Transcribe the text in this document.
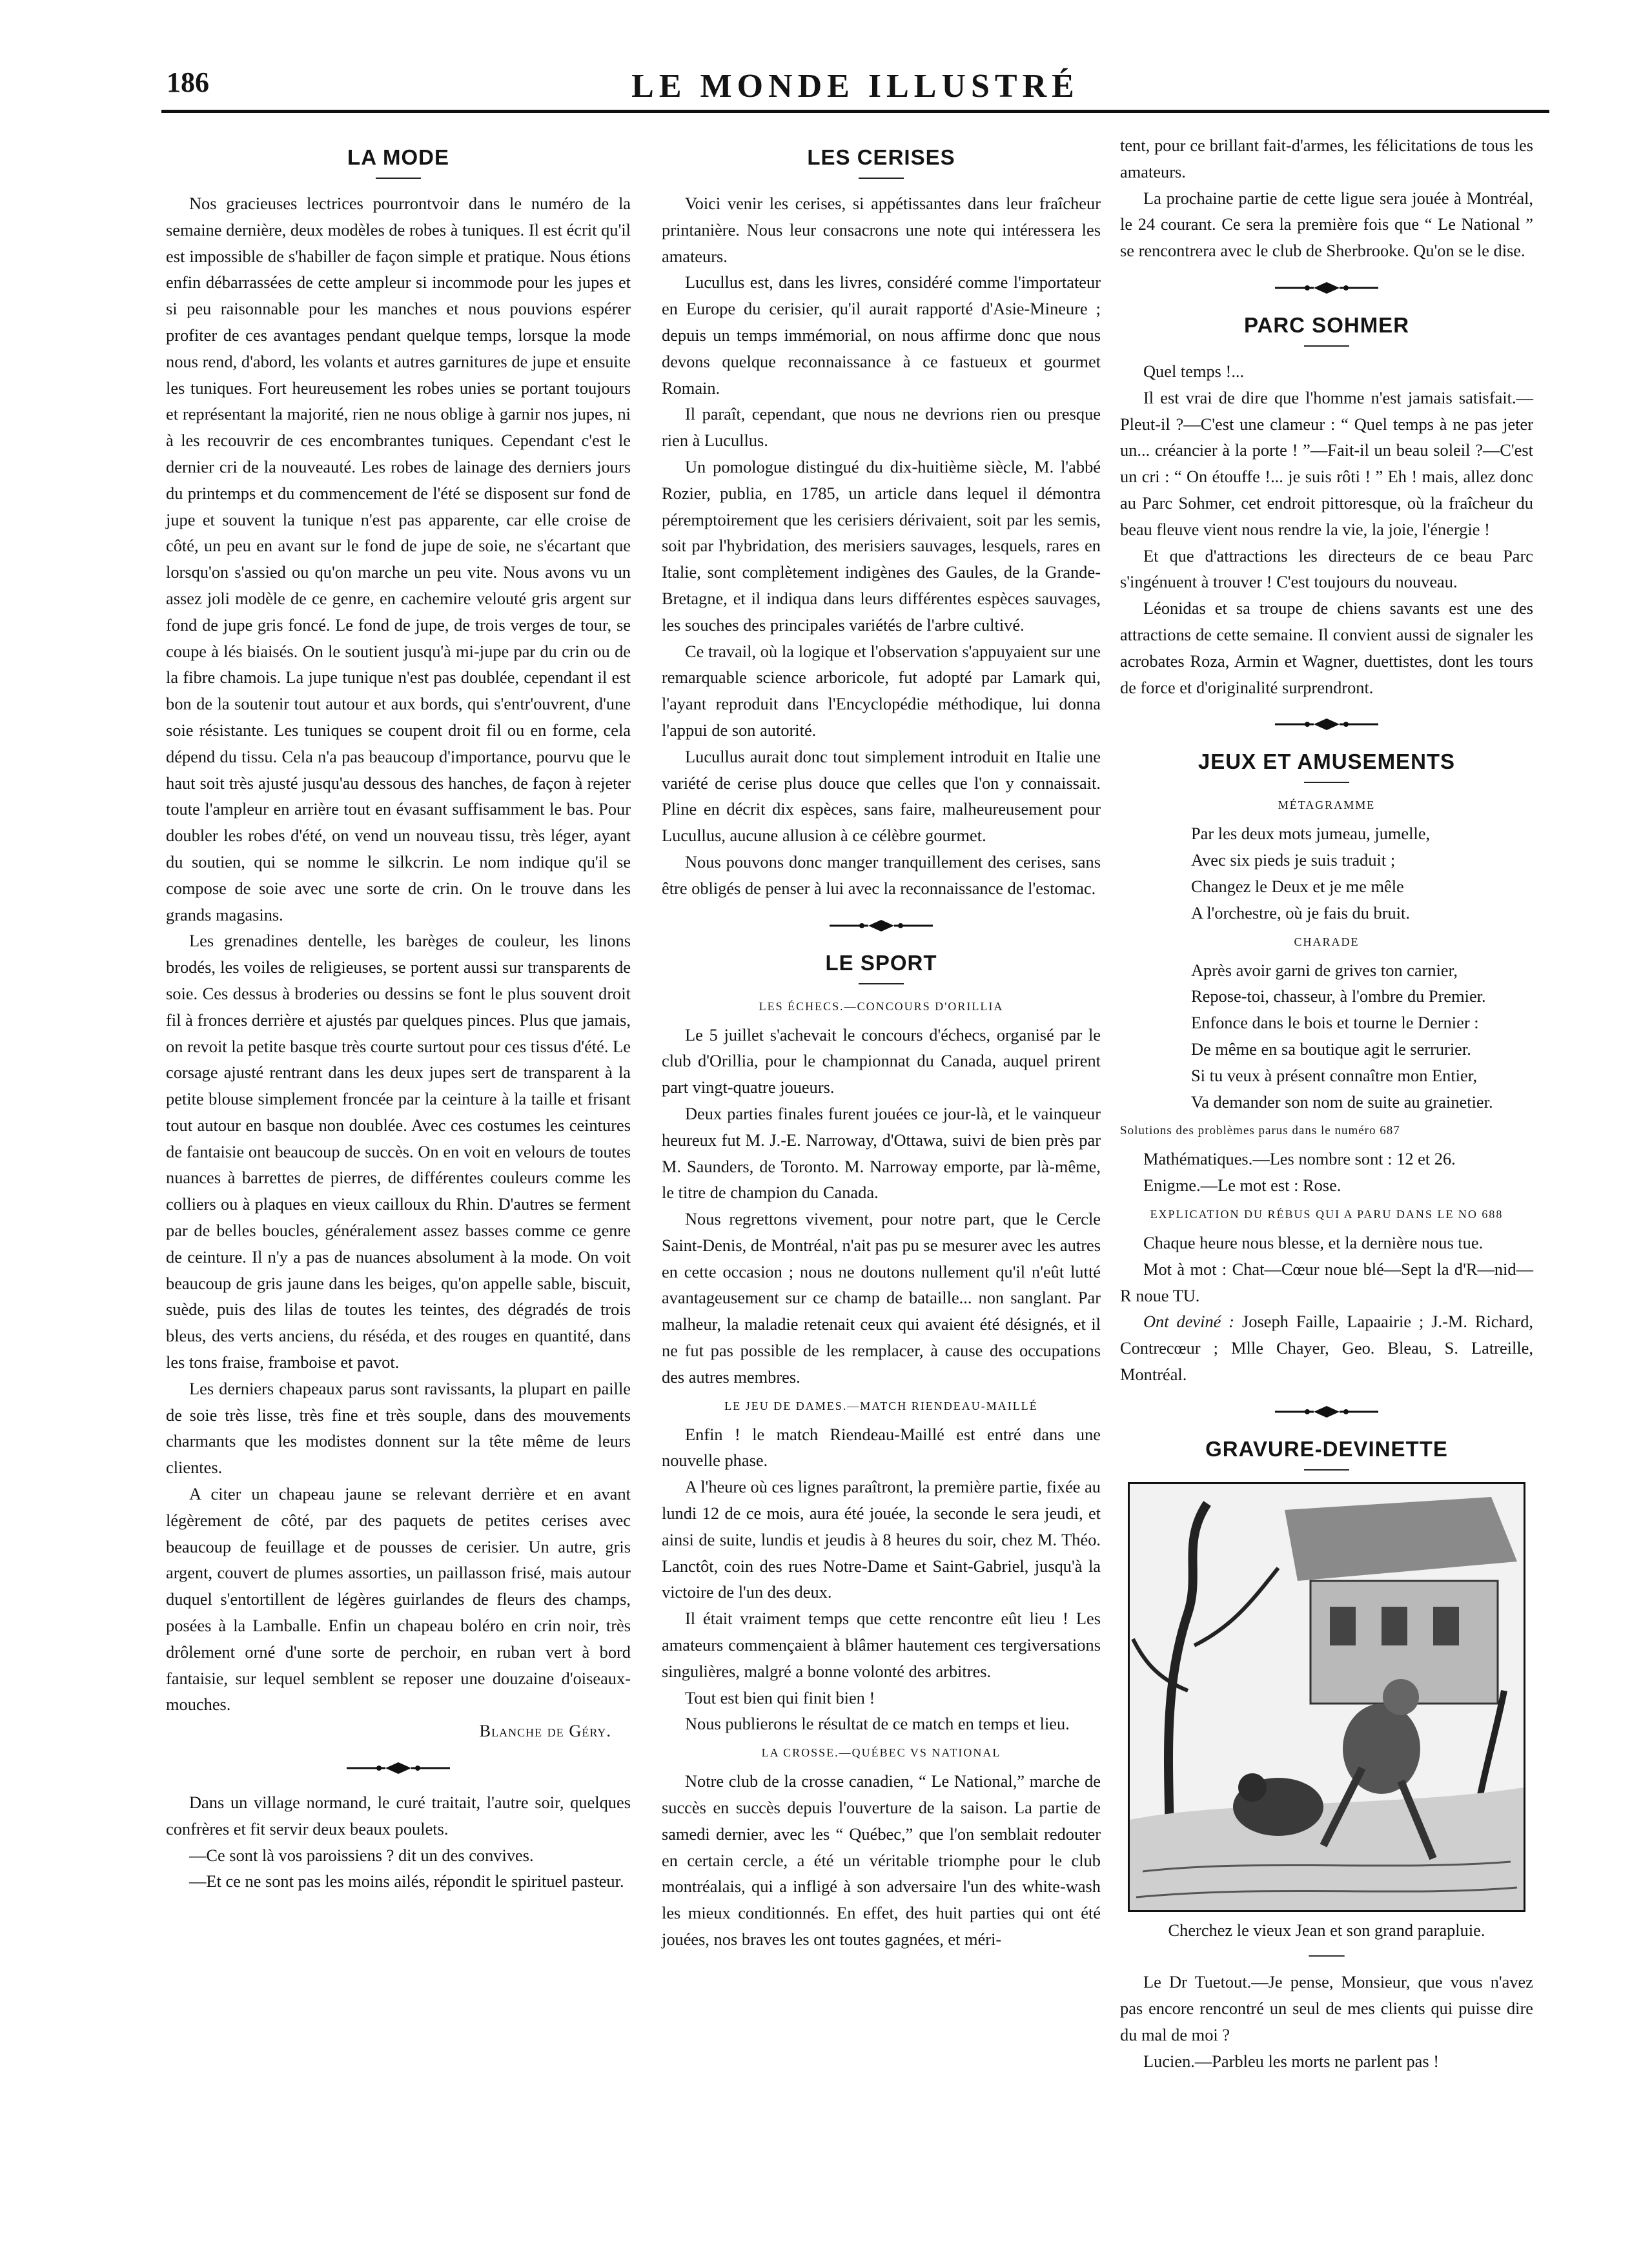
186	LE MONDE ILLUSTRÉ
LA MODE

Nos gracieuses lectrices pourrontvoir dans le numéro de la semaine dernière, deux modèles de robes à tuniques. Il est écrit qu'il est impossible de s'habiller de façon simple et pratique. Nous étions enfin débarrassées de cette ampleur si incommode pour les jupes et si peu raisonnable pour les manches et nous pouvions espérer profiter de ces avantages pendant quelque temps, lorsque la mode nous rend, d'abord, les volants et autres garnitures de jupe et ensuite les tuniques. Fort heureusement les robes unies se portant toujours et représentant la majorité, rien ne nous oblige à garnir nos jupes, ni à les recouvrir de ces encombrantes tuniques. Cependant c'est le dernier cri de la nouveauté. Les robes de lainage des derniers jours du printemps et du commencement de l'été se disposent sur fond de jupe et souvent la tunique n'est pas apparente, car elle croise de côté, un peu en avant sur le fond de jupe de soie, ne s'écartant que lorsqu'on s'assied ou qu'on marche un peu vite. Nous avons vu un assez joli modèle de ce genre, en cachemire velouté gris argent sur fond de jupe gris foncé. Le fond de jupe, de trois verges de tour, se coupe à lés biaisés. On le soutient jusqu'à mi-jupe par du crin ou de la fibre chamois. La jupe tunique n'est pas doublée, cependant il est bon de la soutenir tout autour et aux bords, qui s'entr'ouvrent, d'une soie résistante. Les tuniques se coupent droit fil ou en forme, cela dépend du tissu. Cela n'a pas beaucoup d'importance, pourvu que le haut soit très ajusté jusqu'au dessous des hanches, de façon à rejeter toute l'ampleur en arrière tout en évasant suffisamment le bas. Pour doubler les robes d'été, on vend un nouveau tissu, très léger, ayant du soutien, qui se nomme le silkcrin. Le nom indique qu'il se compose de soie avec une sorte de crin. On le trouve dans les grands magasins.

Les grenadines dentelle, les barèges de couleur, les linons brodés, les voiles de religieuses, se portent aussi sur transparents de soie. Ces dessus à broderies ou dessins se font le plus souvent droit fil à fronces derrière et ajustés par quelques pinces. Plus que jamais, on revoit la petite basque très courte surtout pour ces tissus d'été. Le corsage ajusté rentrant dans les deux jupes sert de transparent à la petite blouse simplement froncée par la ceinture à la taille et frisant tout autour en basque non doublée. Avec ces costumes les ceintures de fantaisie ont beaucoup de succès. On en voit en velours de toutes nuances à barrettes de pierres, de différentes couleurs comme les colliers ou à plaques en vieux cailloux du Rhin. D'autres se ferment par de belles boucles, généralement assez basses comme ce genre de ceinture. Il n'y a pas de nuances absolument à la mode. On voit beaucoup de gris jaune dans les beiges, qu'on appelle sable, biscuit, suède, puis des lilas de toutes les teintes, des dégradés de trois bleus, des verts anciens, du réséda, et des rouges en quantité, dans les tons fraise, framboise et pavot.

Les derniers chapeaux parus sont ravissants, la plupart en paille de soie très lisse, très fine et très souple, dans des mouvements charmants que les modistes donnent sur la tête même de leurs clientes.

A citer un chapeau jaune se relevant derrière et en avant légèrement de côté, par des paquets de petites cerises avec beaucoup de feuillage et de pousses de cerisier. Un autre, gris argent, couvert de plumes assorties, un paillasson frisé, mais autour duquel s'entortillent de légères guirlandes de fleurs des champs, posées à la Lamballe. Enfin un chapeau boléro en crin noir, très drôlement orné d'une sorte de perchoir, en ruban vert à bord fantaisie, sur lequel semblent se reposer une douzaine d'oiseaux-mouches.

Blanche de Géry.

Dans un village normand, le curé traitait, l'autre soir, quelques confrères et fit servir deux beaux poulets.

—Ce sont là vos paroissiens ? dit un des convives.

—Et ce ne sont pas les moins ailés, répondit le spirituel pasteur.

LES CERISES

Voici venir les cerises, si appétissantes dans leur fraîcheur printanière. Nous leur consacrons une note qui intéressera les amateurs.

Lucullus est, dans les livres, considéré comme l'importateur en Europe du cerisier, qu'il aurait rapporté d'Asie-Mineure ; depuis un temps immémorial, on nous affirme donc que nous devons quelque reconnaissance à ce fastueux et gourmet Romain.

Il paraît, cependant, que nous ne devrions rien ou presque rien à Lucullus.

Un pomologue distingué du dix-huitième siècle, M. l'abbé Rozier, publia, en 1785, un article dans lequel il démontra péremptoirement que les cerisiers dérivaient, soit par les semis, soit par l'hybridation, des merisiers sauvages, lesquels, rares en Italie, sont complètement indigènes des Gaules, de la Grande-Bretagne, et il indiqua dans leurs différentes espèces sauvages, les souches des principales variétés de l'arbre cultivé.

Ce travail, où la logique et l'observation s'appuyaient sur une remarquable science arboricole, fut adopté par Lamark qui, l'ayant reproduit dans l'Encyclopédie méthodique, lui donna l'appui de son autorité.

Lucullus aurait donc tout simplement introduit en Italie une variété de cerise plus douce que celles que l'on y connaissait. Pline en décrit dix espèces, sans faire, malheureusement pour Lucullus, aucune allusion à ce célèbre gourmet.

Nous pouvons donc manger tranquillement des cerises, sans être obligés de penser à lui avec la reconnaissance de l'estomac.

LE SPORT
LES ÉCHECS.—CONCOURS D'ORILLIA

Le 5 juillet s'achevait le concours d'échecs, organisé par le club d'Orillia, pour le championnat du Canada, auquel prirent part vingt-quatre joueurs.

Deux parties finales furent jouées ce jour-là, et le vainqueur heureux fut M. J.-E. Narroway, d'Ottawa, suivi de bien près par M. Saunders, de Toronto. M. Narroway emporte, par là-même, le titre de champion du Canada.

Nous regrettons vivement, pour notre part, que le Cercle Saint-Denis, de Montréal, n'ait pas pu se mesurer avec les autres en cette occasion ; nous ne doutons nullement qu'il n'eût lutté avantageusement sur ce champ de bataille... non sanglant. Par malheur, la maladie retenait ceux qui avaient été désignés, et il ne fut pas possible de les remplacer, à cause des occupations des autres membres.

LE JEU DE DAMES.—MATCH RIENDEAU-MAILLÉ

Enfin ! le match Riendeau-Maillé est entré dans une nouvelle phase.

A l'heure où ces lignes paraîtront, la première partie, fixée au lundi 12 de ce mois, aura été jouée, la seconde le sera jeudi, et ainsi de suite, lundis et jeudis à 8 heures du soir, chez M. Théo. Lanctôt, coin des rues Notre-Dame et Saint-Gabriel, jusqu'à la victoire de l'un des deux.

Il était vraiment temps que cette rencontre eût lieu ! Les amateurs commençaient à blâmer hautement ces tergiversations singulières, malgré a bonne volonté des arbitres.

Tout est bien qui finit bien !

Nous publierons le résultat de ce match en temps et lieu.

LA CROSSE.—QUÉBEC VS NATIONAL

Notre club de la crosse canadien, “ Le National,” marche de succès en succès depuis l'ouverture de la saison. La partie de samedi dernier, avec les “ Québec,” que l'on semblait redouter en certain cercle, a été un véritable triomphe pour le club montréalais, qui a infligé à son adversaire l'un des white-wash les mieux conditionnés. En effet, des huit parties qui ont été jouées, nos braves les ont toutes gagnées, et méri-

tent, pour ce brillant fait-d'armes, les félicitations de tous les amateurs.

La prochaine partie de cette ligue sera jouée à Montréal, le 24 courant. Ce sera la première fois que “ Le National ” se rencontrera avec le club de Sherbrooke. Qu'on se le dise.

PARC SOHMER

Quel temps !...

Il est vrai de dire que l'homme n'est jamais satisfait.—Pleut-il ?—C'est une clameur : “ Quel temps à ne pas jeter un... créancier à la porte ! ”—Fait-il un beau soleil ?—C'est un cri : “ On étouffe !... je suis rôti ! ” Eh ! mais, allez donc au Parc Sohmer, cet endroit pittoresque, où la fraîcheur du beau fleuve vient nous rendre la vie, la joie, l'énergie !

Et que d'attractions les directeurs de ce beau Parc s'ingénuent à trouver ! C'est toujours du nouveau.

Léonidas et sa troupe de chiens savants est une des attractions de cette semaine. Il convient aussi de signaler les acrobates Roza, Armin et Wagner, duettistes, dont les tours de force et d'originalité surprendront.

JEUX ET AMUSEMENTS
MÉTAGRAMME

Par les deux mots jumeau, jumelle,

Avec six pieds je suis traduit ;

Changez le Deux et je me mêle

A l'orchestre, où je fais du bruit.

CHARADE

Après avoir garni de grives ton carnier,

Repose-toi, chasseur, à l'ombre du Premier.

Enfonce dans le bois et tourne le Dernier :

De même en sa boutique agit le serrurier.

Si tu veux à présent connaître mon Entier,

Va demander son nom de suite au grainetier.

Solutions des problèmes parus dans le numéro 687

Mathématiques.—Les nombre sont : 12 et 26.

Enigme.—Le mot est : Rose.

EXPLICATION DU RÉBUS QUI A PARU DANS LE NO 688

Chaque heure nous blesse, et la dernière nous tue.

Mot à mot : Chat—Cœur noue blé—Sept la d'R—nid—R noue TU.

Ont deviné : Joseph Faille, Lapaairie ; J.-M. Richard, Contrecœur ; Mlle Chayer, Geo. Bleau, S. Latreille, Montréal.

GRAVURE-DEVINETTE
Cherchez le vieux Jean et son grand parapluie.

Le Dr Tuetout.—Je pense, Monsieur, que vous n'avez pas encore rencontré un seul de mes clients qui puisse dire du mal de moi ?

Lucien.—Parbleu les morts ne parlent pas !
